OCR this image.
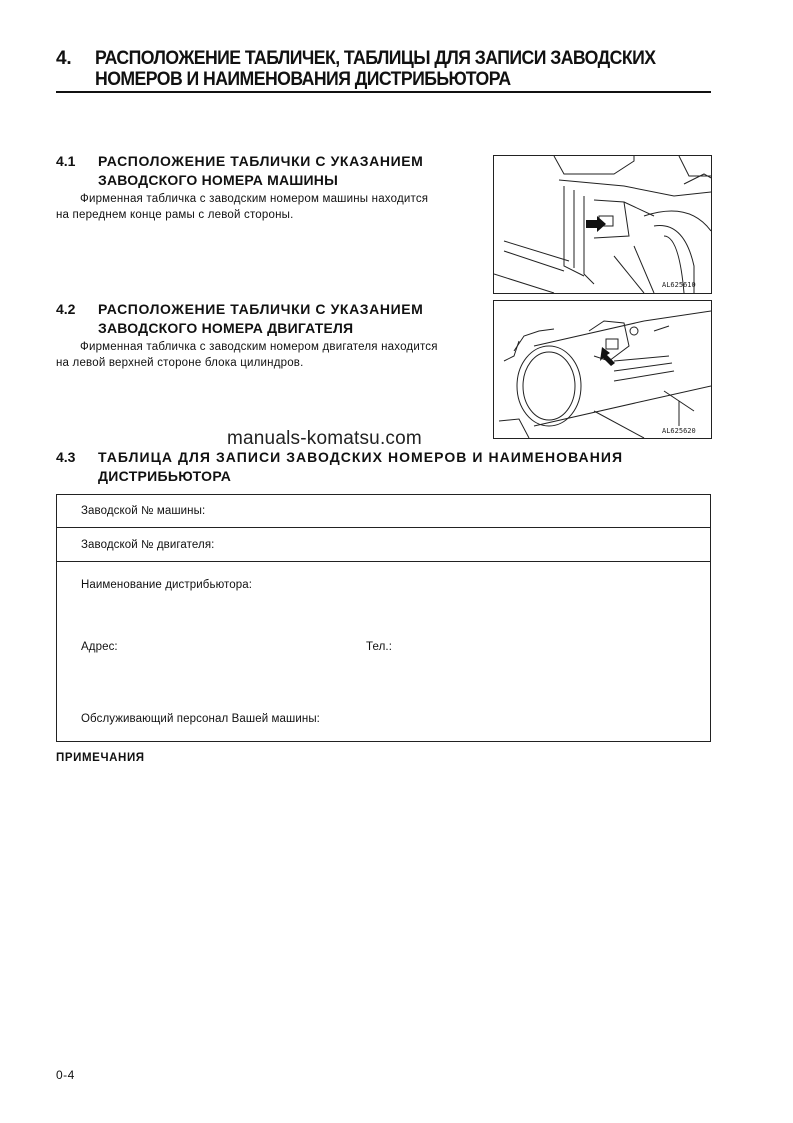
4. РАСПОЛОЖЕНИЕ ТАБЛИЧЕК, ТАБЛИЦЫ ДЛЯ ЗАПИСИ ЗАВОДСКИХ
НОМЕРОВ И НАИМЕНОВАНИЯ ДИСТРИБЬЮТОРА
4.1 РАСПОЛОЖЕНИЕ ТАБЛИЧКИ С УКАЗАНИЕМ
ЗАВОДСКОГО НОМЕРА МАШИНЫ
Фирменная табличка с заводским номером машины находится
на переднем конце рамы с левой стороны.
AL625610
4.2 РАСПОЛОЖЕНИЕ ТАБЛИЧКИ С УКАЗАНИЕМ
ЗАВОДСКОГО НОМЕРА ДВИГАТЕЛЯ
Фирменная табличка с заводским номером двигателя находится
на левой верхней стороне блока цилиндров.
AL625620
manuals-komatsu.com
4.3 ТАБЛИЦА ДЛЯ ЗАПИСИ ЗАВОДСКИХ НОМЕРОВ И НАИМЕНОВАНИЯ
ДИСТРИБЬЮТОРА
Заводской № машины:
Заводской № двигателя:
Наименование дистрибьютора:
Адрес:	Тел.:
Обслуживающий персонал Вашей машины:
ПРИМЕЧАНИЯ
0-4
